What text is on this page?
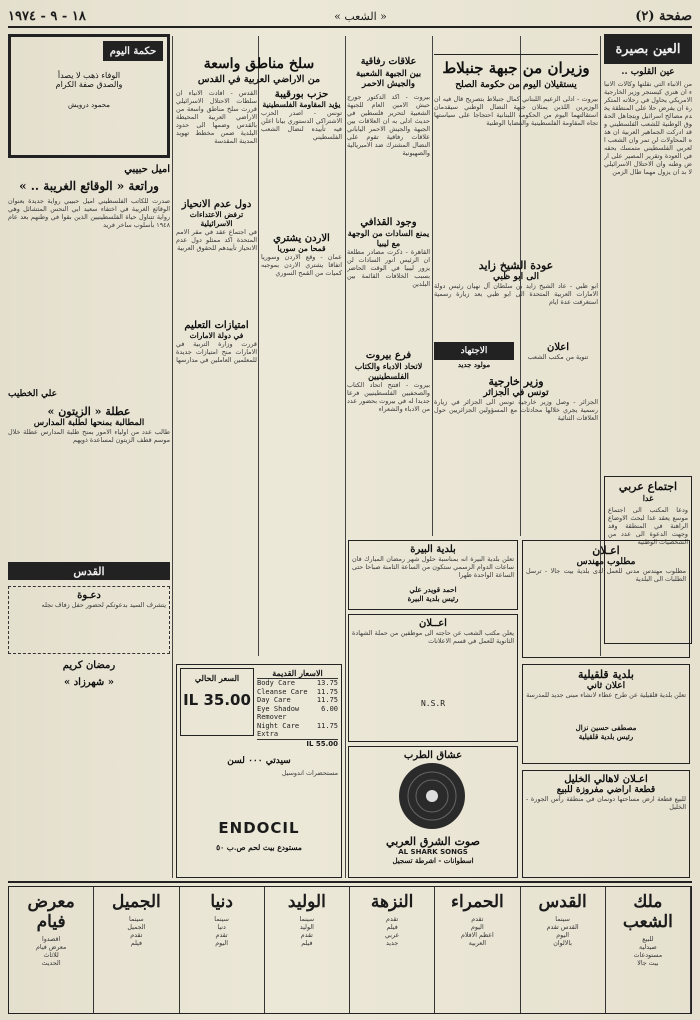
صفحة (٢)
« الشعب »
١٨ - ٩ - ١٩٧٤
العين بصيرة
عين القلوب ..
من الانباء التي نقلتها وكالات الانباء ان هنري كيسنجر وزير الخارجية الامريكي يحاول في رحلاته المتكررة ان يفرض حلا على المنطقة يخدم مصالح اسرائيل ويتجاهل الحقوق الوطنية للشعب الفلسطيني وقد ادركت الجماهير العربية ان هذه المحاولات لن تمر وان الشعب العربي الفلسطيني متمسك بحقه في العودة وتقرير المصير على ارض وطنه وان الاحتلال الاسرائيلي لا بد ان يزول مهما طال الزمن
اجتماع عربي
غدا
ودعا المكتب الى اجتماع موسع يعقد غدا لبحث الاوضاع الراهنة في المنطقة وقد وجهت الدعوة الى عدد من الشخصيات الوطنية
وزيران من جبهة جنبلاط
يستقيلان اليوم من حكومة الصلح
بيروت - ادلى الزعيم اللبناني كمال جنبلاط بتصريح قال فيه ان الوزيرين اللذين يمثلان جبهة النضال الوطني سيقدمان استقالتهما اليوم من الحكومة اللبنانية احتجاجا على سياستها تجاه المقاومة الفلسطينية والقضايا الوطنية
عودة الشيخ زايد
الى ابو ظبي
ابو ظبي - عاد الشيخ زايد بن سلطان آل نهيان رئيس دولة الامارات العربية المتحدة الى ابو ظبي بعد زيارة رسمية استغرقت عدة ايام
الاجتهاد
مولود جديد
اعلان
تنوية من مكتب الشعب
وزير خارجية
تونس في الجزائر
الجزائر - وصل وزير خارجية تونس الى الجزائر في زيارة رسمية يجري خلالها محادثات مع المسؤولين الجزائريين حول العلاقات الثنائية
علاقات رفاقية
بين الجبهة الشعبية والجيش الاحمر
بيروت - اكد الدكتور جورج حبش الامين العام للجبهة الشعبية لتحرير فلسطين في حديث ادلى به ان العلاقات بين الجبهة والجيش الاحمر الياباني علاقات رفاقية تقوم على النضال المشترك ضد الامبريالية والصهيونية
وجود القذافي
يمنع السادات من الوجهة مع ليبيا
القاهرة - ذكرت مصادر مطلعة ان الرئيس انور السادات لن يزور ليبيا في الوقت الحاضر بسبب الخلافات القائمة بين البلدين
فرع بيروت
لاتحاد الادباء والكتاب الفلسطينيين
بيروت - افتتح اتحاد الكتاب والصحفيين الفلسطينيين فرعا جديدا له في بيروت بحضور عدد من الادباء والشعراء
بلدية البيرة
تعلن بلدية البيرة انه بمناسبة حلول شهر رمضان المبارك فان ساعات الدوام الرسمي ستكون من الساعة الثامنة صباحا حتى الساعة الواحدة ظهرا
احمد قويدر علي
رئيس بلدية البيرة
اعــلان
يعلن مكتب الشعب عن حاجته الى موظفين من حملة الشهادة الثانوية للعمل في قسم الاعلانات
N.S.R
عشاق الطرب
صوت الشرق العربي
AL SHARK SONGS
اسطوانات - اشرطة تسجيل
اعـلان
مطلوب مهندس
مطلوب مهندس مدني للعمل لدى بلدية بيت جالا - ترسل الطلبات الى البلدية
بلدية قلقيلية
اعلان ثاني
تعلن بلدية قلقيلية عن طرح عطاء لانشاء مبنى جديد للمدرسة
مصطفى حسين نزال
رئيس بلدية قلقيلية
اعـلان لاهالي الخليل
قطعة اراضي مفروزة للبيع
للبيع قطعة ارض مساحتها دونمان في منطقة رأس الجورة - الخليل
سلخ مناطق واسعة
من الاراضي العربية في القدس
القدس - افادت الانباء ان سلطات الاحتلال الاسرائيلي قررت سلخ مناطق واسعة من الاراضي العربية المحيطة بالقدس وضمها الى حدود البلدية ضمن مخطط تهويد المدينة المقدسة
دول عدم الانحياز
ترفض الاعتداءات الاسرائيلية
في اجتماع عقد في مقر الامم المتحدة اكد ممثلو دول عدم الانحياز تأييدهم للحقوق العربية
امتيازات التعليم
في دولة الامارات
قررت وزارة التربية في الامارات منح امتيازات جديدة للمعلمين العاملين في مدارسها
حزب بورقيبة
يؤيد المقاومة الفلسطينية
تونس - اصدر الحزب الاشتراكي الدستوري بيانا اعلن فيه تأييده لنضال الشعب الفلسطيني
الاردن يشتري
قمحا من سوريا
عمان - وقع الاردن وسوريا اتفاقا يشتري الاردن بموجبه كميات من القمح السوري
السعر الحالي
IL 35.00
الاسعار القديمة
Body Care	13.75
Cleanse Care 11.75
Day Care	11.75
Eye Shadow Remover
6.00
Night Care Extra
11.75
IL 55.00
سيدتي ٠٠٠ لسن
مستحضرات اندوسيل
ENDOCIL
مستودع بيت لحم ص.ب ٥٠
حكمة اليوم
الوفاء ذهب لا يصدأ
والصدق صفة الكرام
محمود درويش
اميل حبيبي
وراتعة « الوقائع الغريبة .. »
صدرت للكاتب الفلسطيني اميل حبيبي رواية جديدة بعنوان الوقائع الغريبة في اختفاء سعيد ابي النحس المتشائل وهي رواية تتناول حياة الفلسطينيين الذين بقوا في وطنهم بعد عام ١٩٤٨ بأسلوب ساخر فريد
علي الخطيب
عطلة « الزيتون »
المطالبة بمنحها لطلبة المدارس
طالب عدد من اولياء الامور بمنح طلبة المدارس عطلة خلال موسم قطف الزيتون لمساعدة ذويهم
القدس
دعـوة
يتشرف السيد بدعوتكم لحضور حفل زفاف نجله
رمضان كريم
« شهرزاد »
ملك الشعب
للبيع
صيدلية
مستودعات
بيت جالا
القدس
سينما
القدس تقدم
اليوم
بالالوان
الحمراء
تقدم
اليوم
اعظم الافلام
العربية
النزهة
تقدم
فيلم
عربي
جديد
الوليد
سينما
الوليد
تقدم
فيلم
دنيا
سينما
دنيا
تقدم
اليوم
الجميل
سينما
الجميل
تقدم
فيلم
معرض فيام
اقصدوا
معرض فيام
للاثاث
الحديث
